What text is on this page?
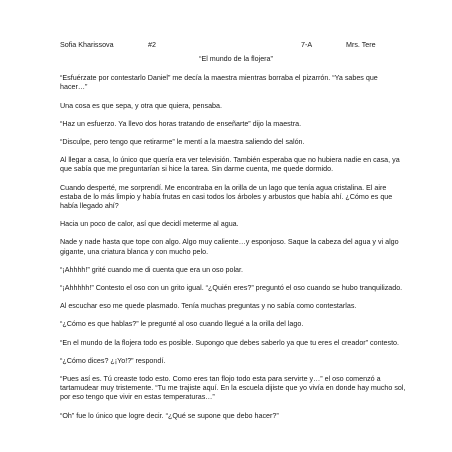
Sofia Kharissova	#2	7-A	Mrs. Tere
“El mundo de la flojera”

“Esfuérzate por contestarlo Daniel” me decía la maestra mientras borraba el pizarrón. “Ya sabes que hacer…”

Una cosa es que sepa, y otra que quiera, pensaba.

“Haz un esfuerzo. Ya llevo dos horas tratando de enseñarte” dijo la maestra.

“Disculpe, pero tengo que retirarme” le mentí a la maestra saliendo del salón.

Al llegar a casa, lo único que quería era ver televisión. También esperaba que no hubiera nadie en casa, ya que sabía que me preguntarían si hice la tarea. Sin darme cuenta, me quede dormido.

Cuando desperté, me sorprendí. Me encontraba en la orilla de un lago que tenía agua cristalina. El aire estaba de lo más limpio y había frutas en casi todos los árboles y arbustos que había ahí. ¿Cómo es que había llegado ahí?

Hacia un poco de calor, así que decidí meterme al agua.

Nade y nade hasta que tope con algo. Algo muy caliente…y esponjoso. Saque la cabeza del agua y vi algo gigante, una criatura blanca y con mucho pelo.

“¡Ahhhh!” grité cuando me di cuenta que era un oso polar.

“¡Ahhhhh!” Contesto el oso con un grito igual. “¿Quién eres?” preguntó el oso cuando se hubo tranquilizado.

Al escuchar eso me quede plasmado. Tenía muchas preguntas y no sabía como contestarlas.

“¿Cómo es que hablas?” le pregunté al oso cuando llegué a la orilla del lago.

“En el mundo de la flojera todo es posible. Supongo que debes saberlo ya que tu eres el creador” contesto.

“¿Cómo dices? ¿¡Yo!?” respondí.

“Pues así es. Tú creaste todo esto. Como eres tan flojo todo esta para servirte y…” el oso comenzó a tartamudear muy tristemente. “Tu me trajiste aquí. En la escuela dijiste que yo vivía en donde hay mucho sol, por eso tengo que vivir en estas temperaturas…”

“Oh” fue lo único que logre decir. “¿Qué se supone que debo hacer?”
